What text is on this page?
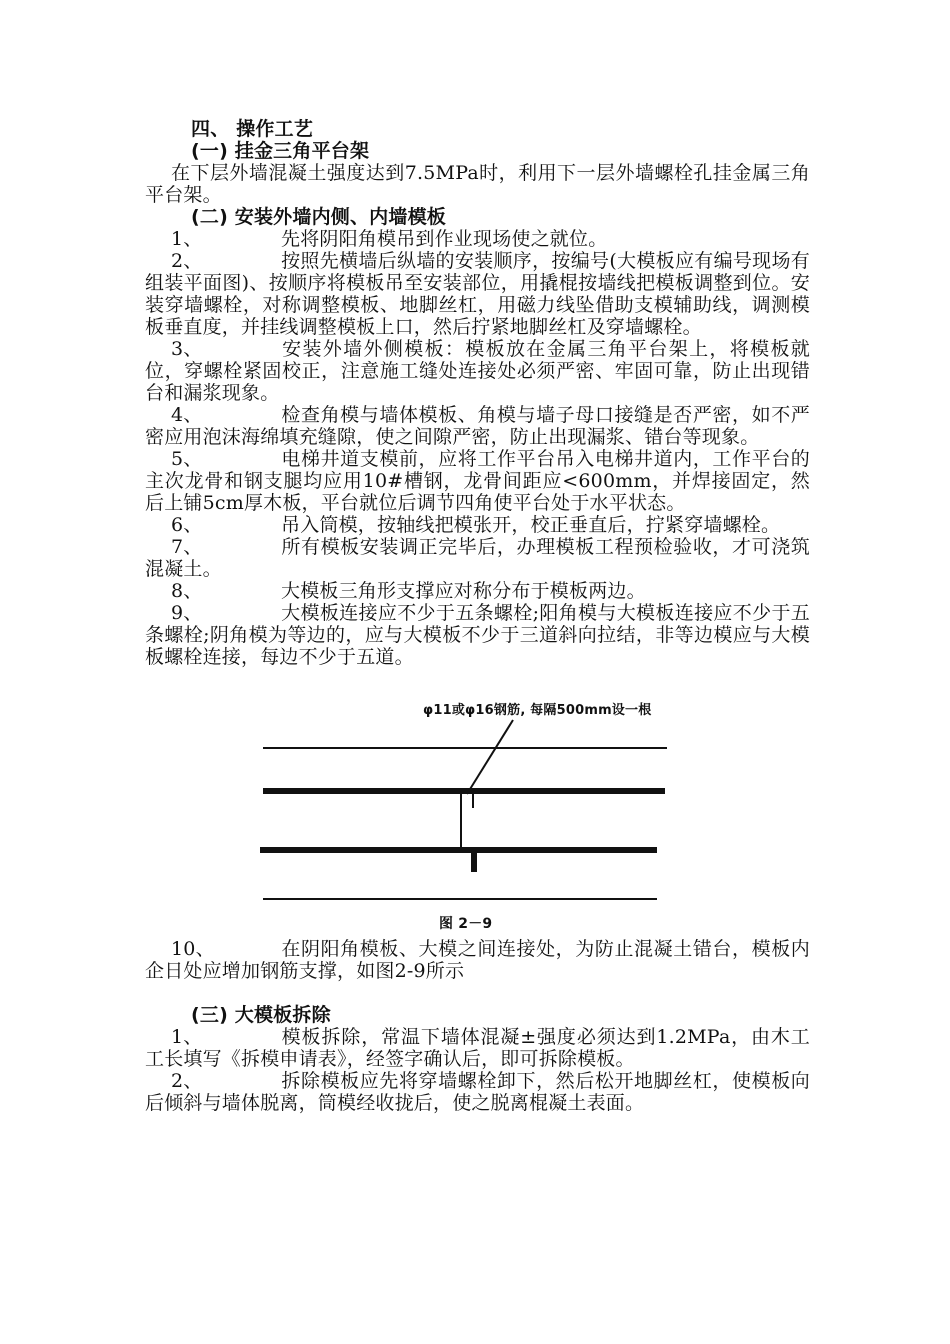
四、 操作工艺

(一) 挂金三角平台架

在下层外墙混凝土强度达到7.5MPa时，利用下一层外墙螺栓孔挂金属三角平台架。

(二) 安装外墙内侧、内墙模板

1、	先将阴阳角模吊到作业现场使之就位。

2、	按照先横墙后纵墙的安装顺序，按编号(大模板应有编号现场有组装平面图)、按顺序将模板吊至安装部位，用撬棍按墙线把模板调整到位。安装穿墙螺栓，对称调整模板、地脚丝杠，用磁力线坠借助支模辅助线，调测模板垂直度，并挂线调整模板上口，然后拧紧地脚丝杠及穿墙螺栓。

3、	安装外墙外侧模板：模板放在金属三角平台架上，将模板就位，穿螺栓紧固校正，注意施工缝处连接处必须严密、牢固可靠，防止出现错台和漏浆现象。

4、	检查角模与墙体模板、角模与墙子母口接缝是否严密，如不严密应用泡沫海绵填充缝隙，使之间隙严密，防止出现漏浆、错台等现象。

5、	电梯井道支模前，应将工作平台吊入电梯井道内，工作平台的主次龙骨和钢支腿均应用10#槽钢，龙骨间距应<600mm，并焊接固定，然后上铺5cm厚木板，平台就位后调节四角使平台处于水平状态。

6、	吊入筒模，按轴线把模张开，校正垂直后，拧紧穿墙螺栓。

7、	所有模板安装调正完毕后，办理模板工程预检验收，才可浇筑混凝土。

8、	大模板三角形支撑应对称分布于模板两边。

9、	大模板连接应不少于五条螺栓;阳角模与大模板连接应不少于五条螺栓;阴角模为等边的，应与大模板不少于三道斜向拉结，非等边模应与大模板螺栓连接，每边不少于五道。

φ11或φ16钢筋, 每隔500mm设一根
图 2－9

10、	在阴阳角模板、大模之间连接处，为防止混凝土错台，模板内企日处应增加钢筋支撑，如图2-9所示

(三) 大模板拆除

1、	模板拆除，常温下墙体混凝±强度必须达到1.2MPa，由木工工长填写《拆模申请表》，经签字确认后，即可拆除模板。

2、	拆除模板应先将穿墙螺栓卸下，然后松开地脚丝杠，使模板向后倾斜与墙体脱离，筒模经收拢后，使之脱离棍凝土表面。
